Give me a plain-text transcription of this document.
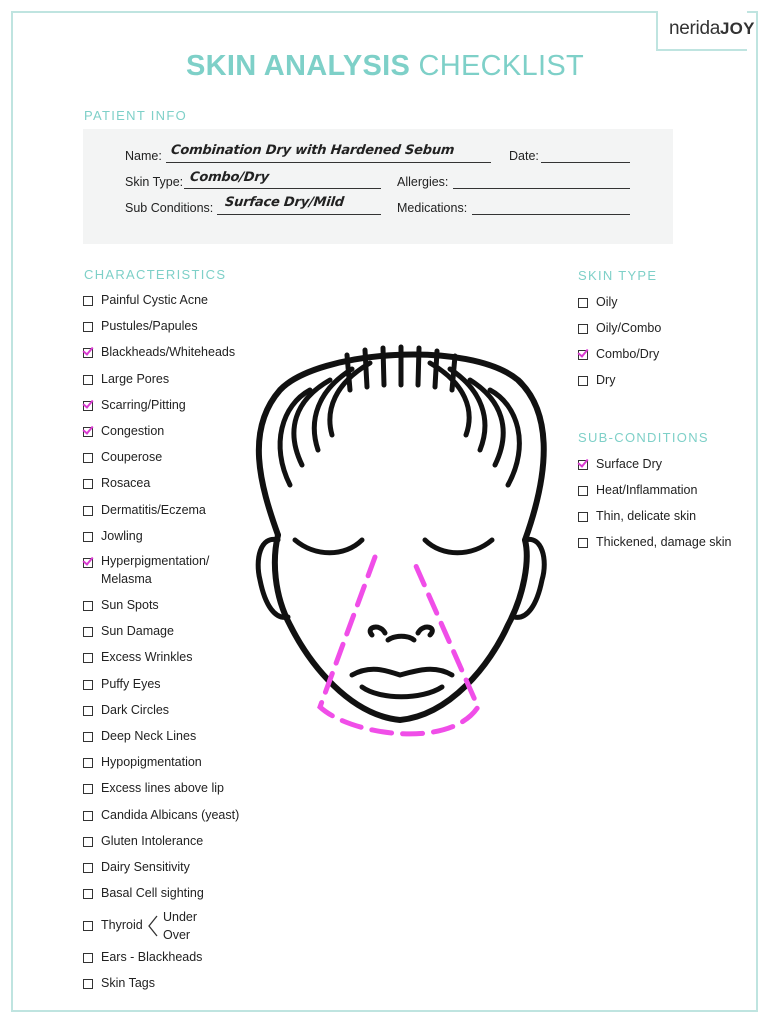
neridaJOY
SKIN ANALYSIS CHECKLIST
PATIENT INFO
Name: Combination Dry with Hardened Sebum	Date:
Skin Type: Combo/Dry	Allergies:
Sub Conditions: Surface Dry/Mild	Medications:
CHARACTERISTICS	SKIN TYPE
SUB-CONDITIONS
Painful Cystic Acne
Pustules/Papules
Blackheads/Whiteheads
Large Pores
Scarring/Pitting
Congestion
Couperose
Rosacea
Dermatitis/Eczema
Jowling
Hyperpigmentation/
Melasma
Sun Spots
Sun Damage
Excess Wrinkles
Puffy Eyes
Dark Circles
Deep Neck Lines
Hypopigmentation
Excess lines above lip
Candida Albicans (yeast)
Gluten Intolerance
Dairy Sensitivity
Basal Cell sighting
Thyroid
Ears - Blackheads
Skin Tags
Under
Over
Oily
Oily/Combo
Combo/Dry
Dry
Surface Dry
Heat/Inflammation
Thin, delicate skin
Thickened, damage skin
